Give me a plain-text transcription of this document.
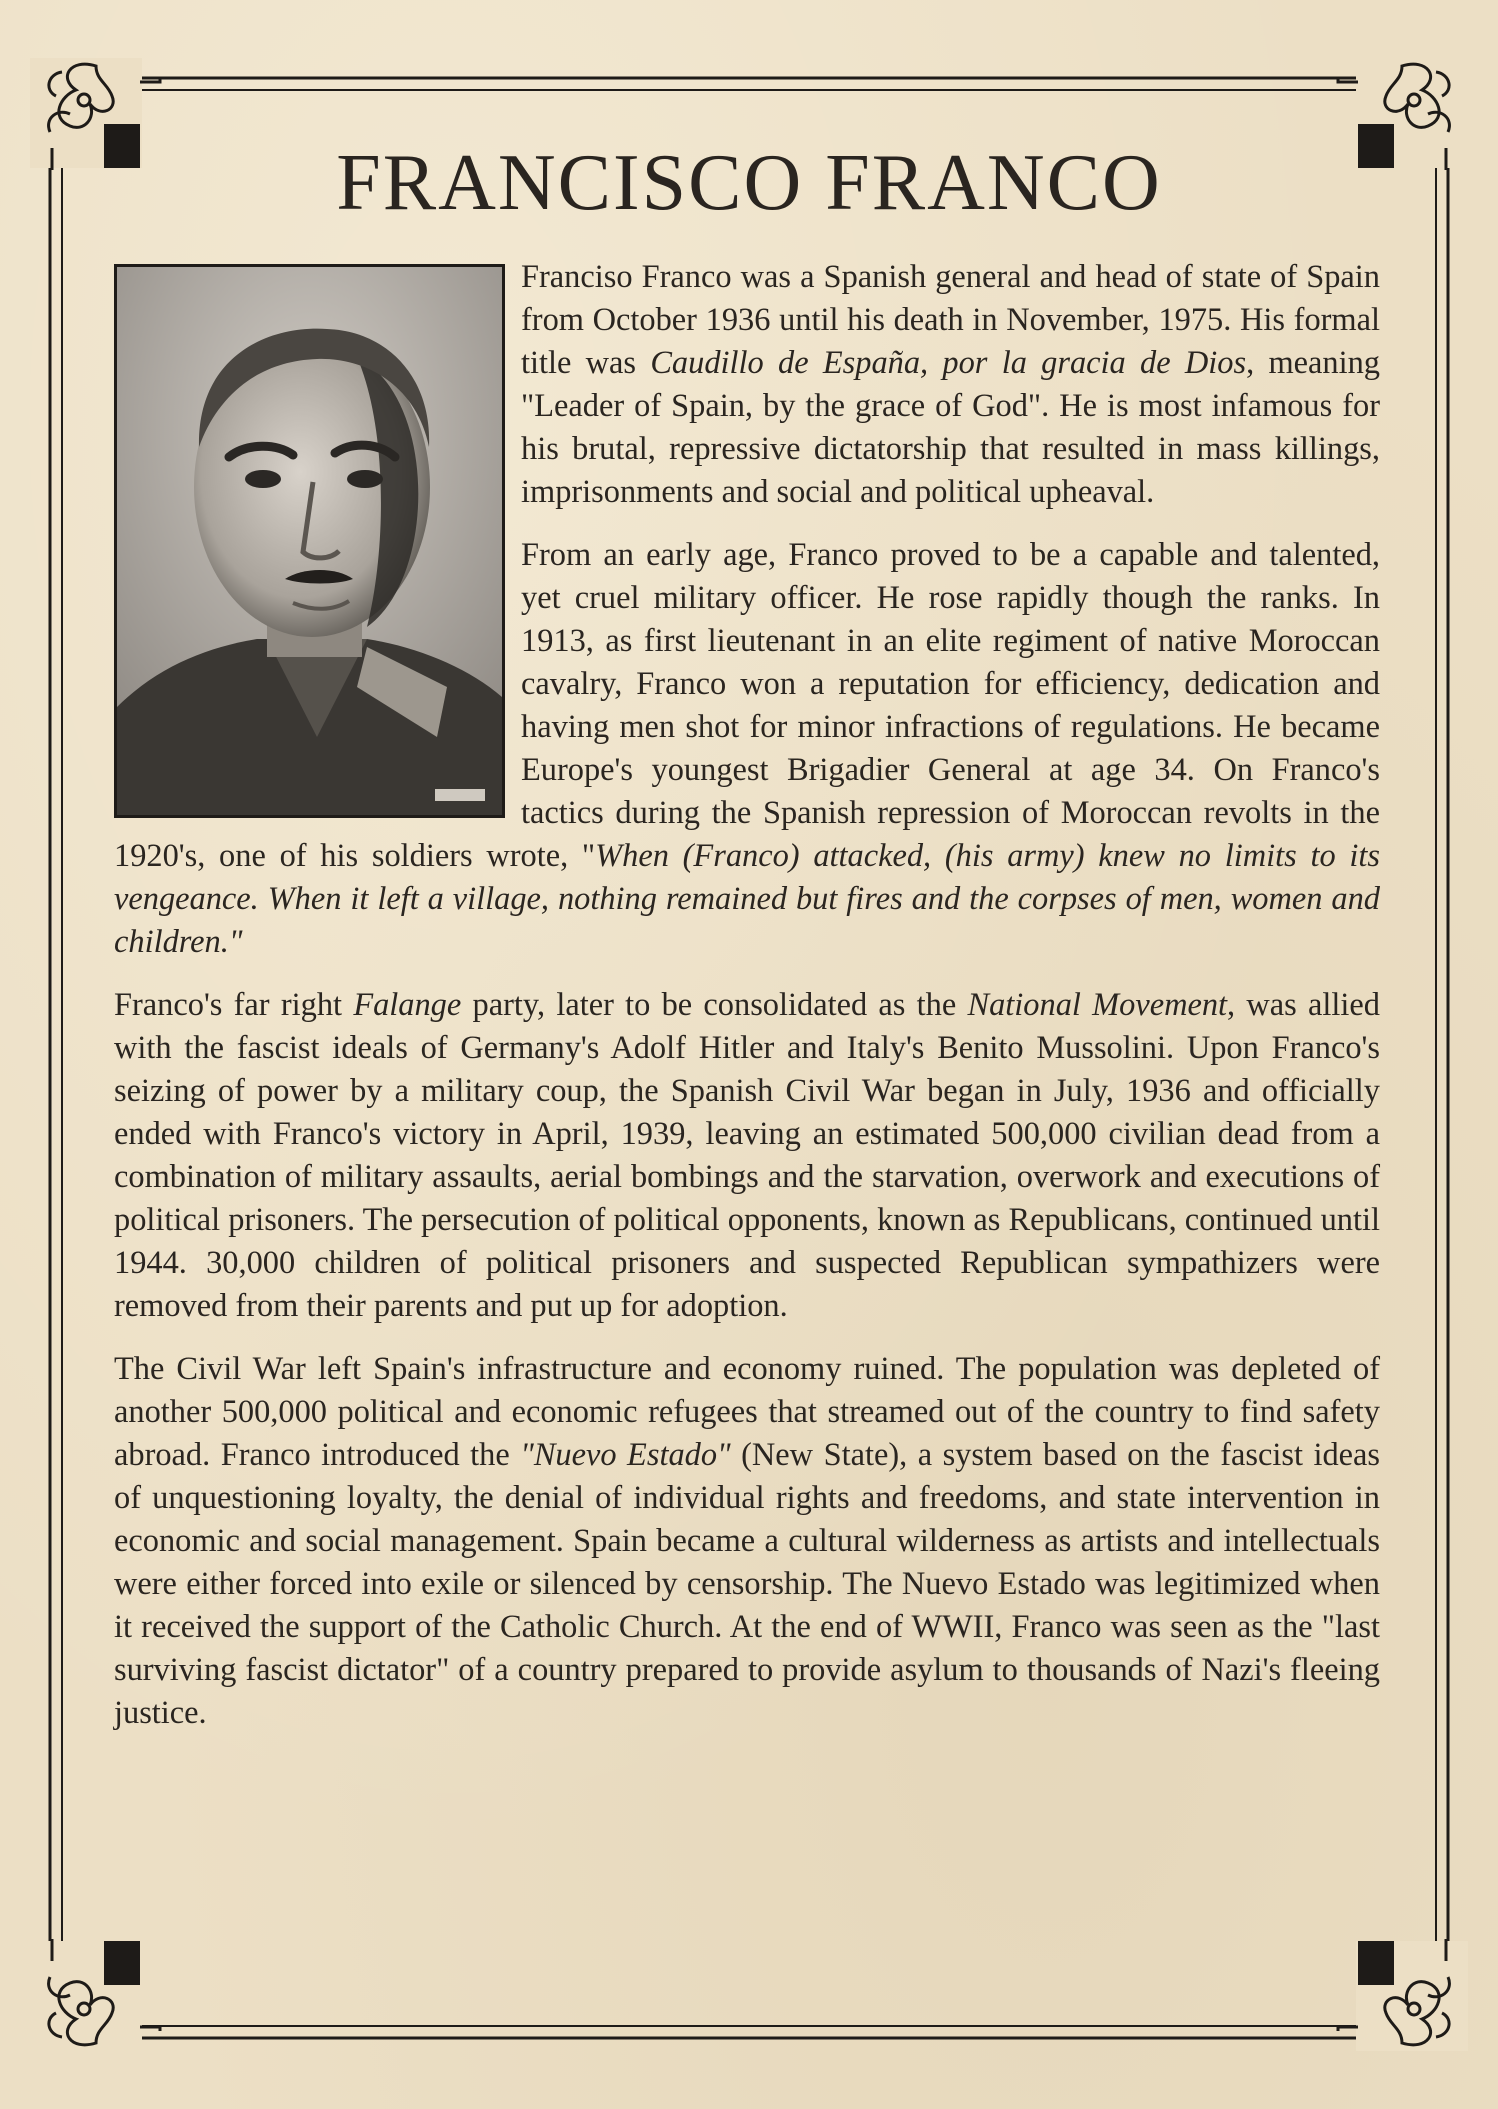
FRANCISCO FRANCO

Franciso Franco was a Spanish general and head of state of Spain from October 1936 until his death in November, 1975. His formal title was Caudillo de España, por la gracia de Dios, meaning "Leader of Spain, by the grace of God". He is most infamous for his brutal, repressive dictatorship that resulted in mass killings, imprisonments and social and political upheaval.

From an early age, Franco proved to be a capable and talented, yet cruel military officer. He rose rapidly though the ranks. In 1913, as first lieutenant in an elite regiment of native Moroccan cavalry, Franco won a reputation for efficiency, dedication and having men shot for minor infractions of regulations. He became Europe's youngest Brigadier General at age 34. On Franco's tactics during the Spanish repression of Moroccan revolts in the 1920's, one of his soldiers wrote, "When (Franco) attacked, (his army) knew no limits to its vengeance. When it left a village, nothing remained but fires and the corpses of men, women and children."

Franco's far right Falange party, later to be consolidated as the National Movement, was allied with the fascist ideals of Germany's Adolf Hitler and Italy's Benito Mussolini. Upon Franco's seizing of power by a military coup, the Spanish Civil War began in July, 1936 and officially ended with Franco's victory in April, 1939, leaving an estimated 500,000 civilian dead from a combination of military assaults, aerial bombings and the starvation, overwork and executions of political prisoners. The persecution of political opponents, known as Republicans, continued until 1944. 30,000 children of political prisoners and suspected Republican sympathizers were removed from their parents and put up for adoption.

The Civil War left Spain's infrastructure and economy ruined. The population was depleted of another 500,000 political and economic refugees that streamed out of the country to find safety abroad. Franco introduced the "Nuevo Estado" (New State), a system based on the fascist ideas of unquestioning loyalty, the denial of individual rights and freedoms, and state intervention in economic and social management. Spain became a cultural wilderness as artists and intellectuals were either forced into exile or silenced by censorship. The Nuevo Estado was legitimized when it received the support of the Catholic Church. At the end of WWII, Franco was seen as the "last surviving fascist dictator" of a country prepared to provide asylum to thousands of Nazi's fleeing justice.
